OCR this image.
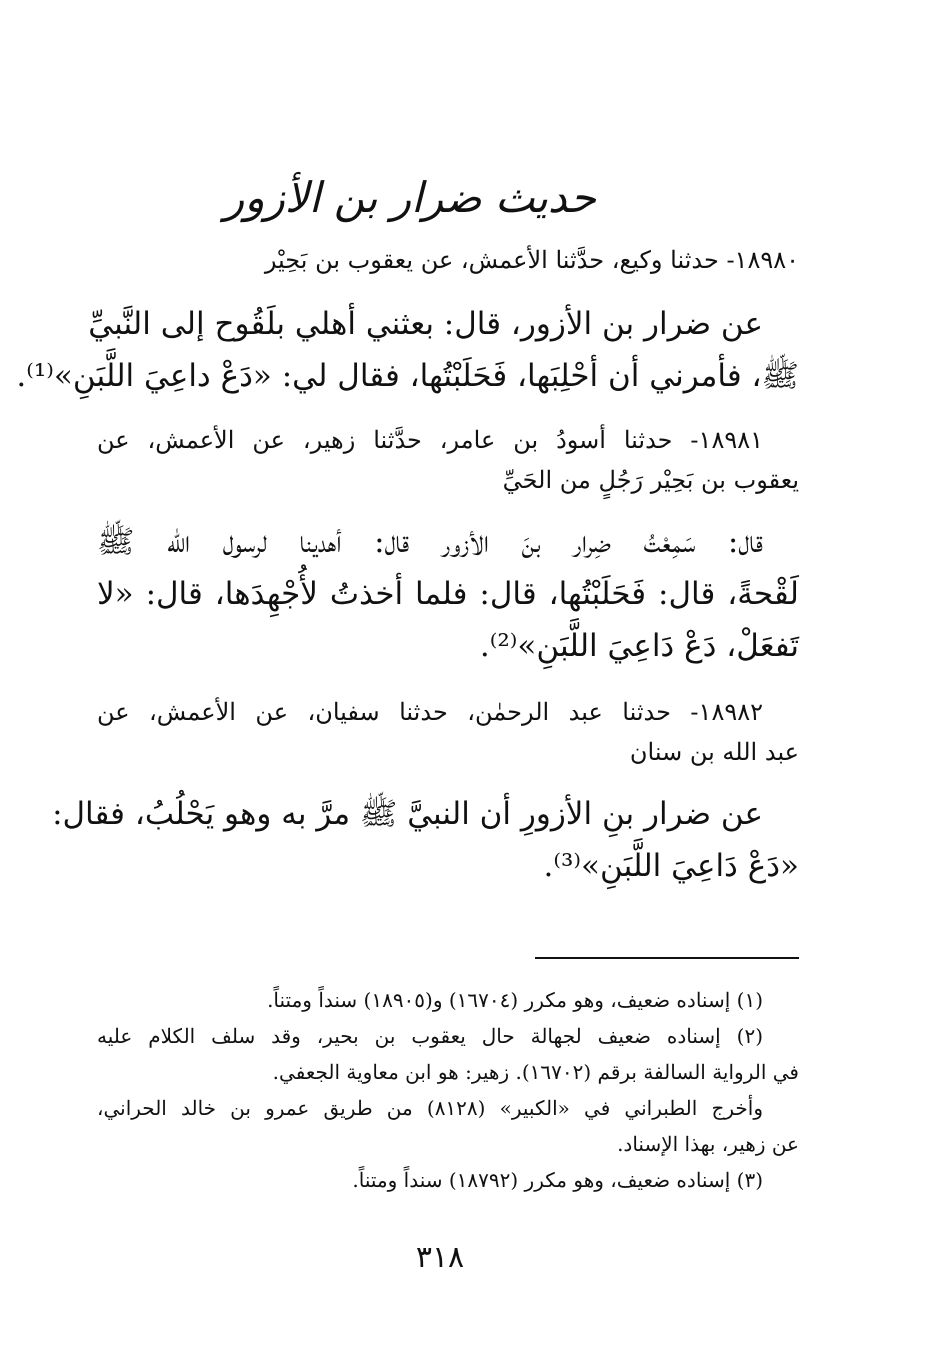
حديث ضرار بن الأزور
١٨٩٨٠- حدثنا وكيع، حدَّثنا الأعمش، عن يعقوب بن بَحِيْر
عن ضرار بن الأزور، قال: بعثني أهلي بلَقُوح إلى النَّبيِّ
ﷺ، فأمرني أن أحْلِبَها، فَحَلَبْتُها، فقال لي: «دَعْ داعِيَ اللَّبَنِ»⁽¹⁾.
١٨٩٨١- حدثنا أسودُ بن عامر، حدَّثنا زهير، عن الأعمش، عن
يعقوب بن بَحِيْر رَجُلٍ من الحَيِّ
قال: سَمِعْتُ ضِرار بنَ الأزور قال: أهدينا لرسول الله ﷺ
لَقْحةً، قال: فَحَلَبْتُها، قال: فلما أخذتُ لأُجْهِدَها، قال: «لا
تَفعَلْ، دَعْ دَاعِيَ اللَّبَنِ»⁽²⁾.
١٨٩٨٢- حدثنا عبد الرحمٰن، حدثنا سفيان، عن الأعمش، عن
عبد الله بن سنان
عن ضرار بنِ الأزورِ أن النبيَّ ﷺ مرَّ به وهو يَحْلُبُ، فقال:
«دَعْ دَاعِيَ اللَّبَنِ»⁽³⁾.
(١) إسناده ضعيف، وهو مكرر (١٦٧٠٤) و(١٨٩٠٥) سنداً ومتناً.
(٢) إسناده ضعيف لجهالة حال يعقوب بن بحير، وقد سلف الكلام عليه
في الرواية السالفة برقم (١٦٧٠٢). زهير: هو ابن معاوية الجعفي.
وأخرج الطبراني في «الكبير» (٨١٢٨) من طريق عمرو بن خالد الحراني،
عن زهير، بهذا الإسناد.
(٣) إسناده ضعيف، وهو مكرر (١٨٧٩٢) سنداً ومتناً.
٣١٨
